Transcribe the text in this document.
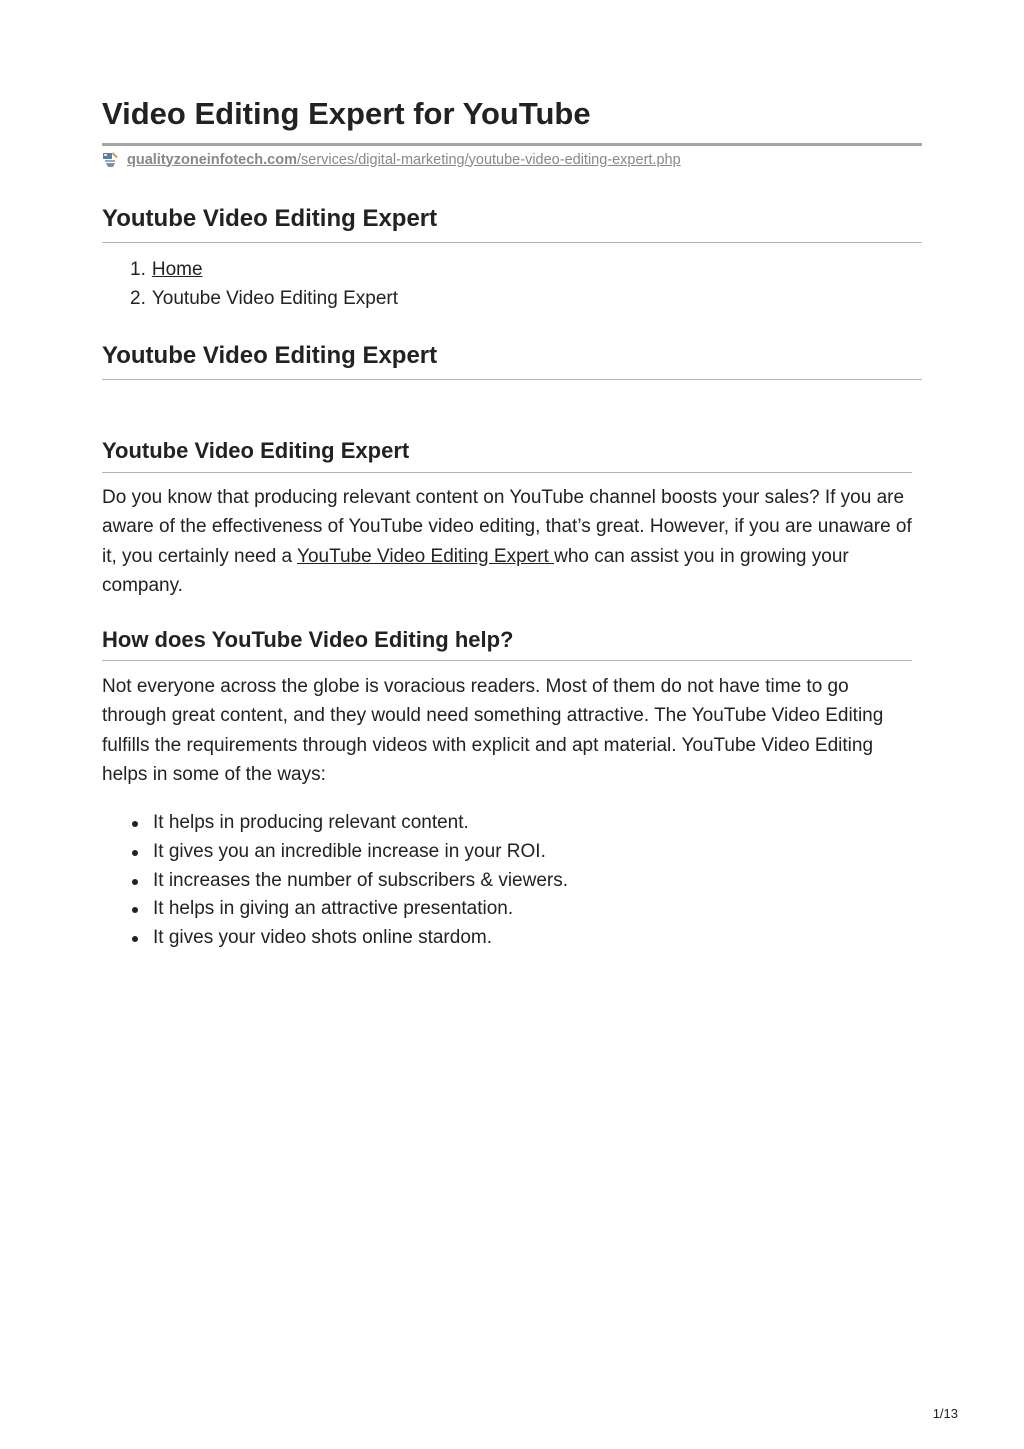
Video Editing Expert for YouTube
qualityzoneinfotech.com/services/digital-marketing/youtube-video-editing-expert.php
Youtube Video Editing Expert
1. Home
2. Youtube Video Editing Expert
Youtube Video Editing Expert
Youtube Video Editing Expert

Do you know that producing relevant content on YouTube channel boosts your sales? If you are aware of the effectiveness of YouTube video editing, that’s great. However, if you are unaware of it, you certainly need a YouTube Video Editing Expert who can assist you in growing your company.

How does YouTube Video Editing help?

Not everyone across the globe is voracious readers. Most of them do not have time to go through great content, and they would need something attractive. The YouTube Video Editing fulfills the requirements through videos with explicit and apt material. YouTube Video Editing helps in some of the ways:

It helps in producing relevant content.
It gives you an incredible increase in your ROI.
It increases the number of subscribers & viewers.
It helps in giving an attractive presentation.
It gives your video shots online stardom.
1/13
